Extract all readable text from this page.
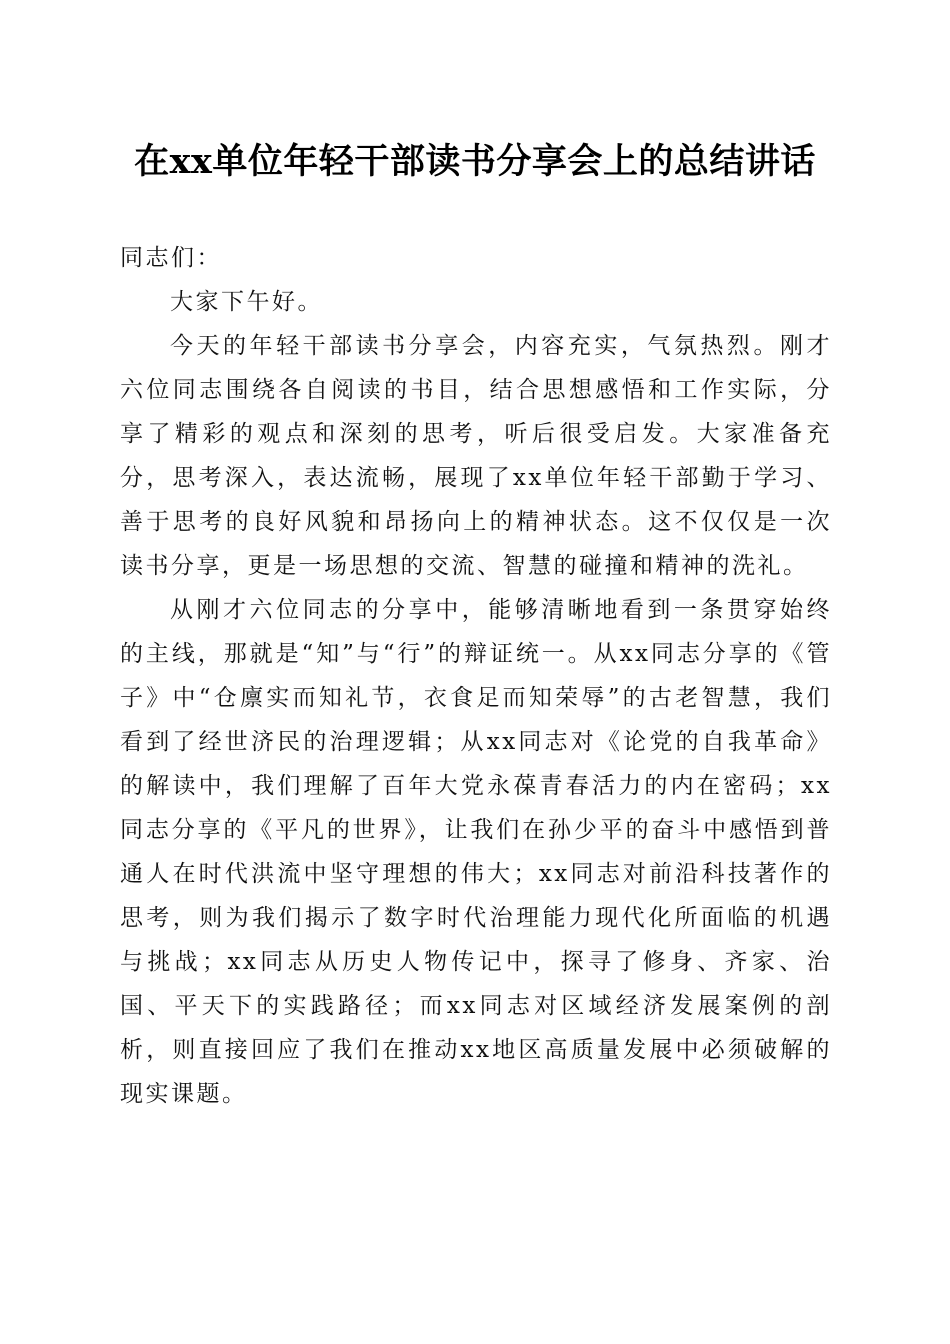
在xx单位年轻干部读书分享会上的总结讲话

同志们：

大家下午好。

今天的年轻干部读书分享会，内容充实，气氛热烈。刚才六位同志围绕各自阅读的书目，结合思想感悟和工作实际，分享了精彩的观点和深刻的思考，听后很受启发。大家准备充分，思考深入，表达流畅，展现了xx单位年轻干部勤于学习、善于思考的良好风貌和昂扬向上的精神状态。这不仅仅是一次读书分享，更是一场思想的交流、智慧的碰撞和精神的洗礼。

从刚才六位同志的分享中，能够清晰地看到一条贯穿始终的主线，那就是“知”与“行”的辩证统一。从xx同志分享的《管子》中“仓廪实而知礼节，衣食足而知荣辱”的古老智慧，我们看到了经世济民的治理逻辑；从xx同志对《论党的自我革命》的解读中，我们理解了百年大党永葆青春活力的内在密码；xx同志分享的《平凡的世界》，让我们在孙少平的奋斗中感悟到普通人在时代洪流中坚守理想的伟大；xx同志对前沿科技著作的思考，则为我们揭示了数字时代治理能力现代化所面临的机遇与挑战；xx同志从历史人物传记中，探寻了修身、齐家、治国、平天下的实践路径；而xx同志对区域经济发展案例的剖析，则直接回应了我们在推动xx地区高质量发展中必须破解的现实课题。
